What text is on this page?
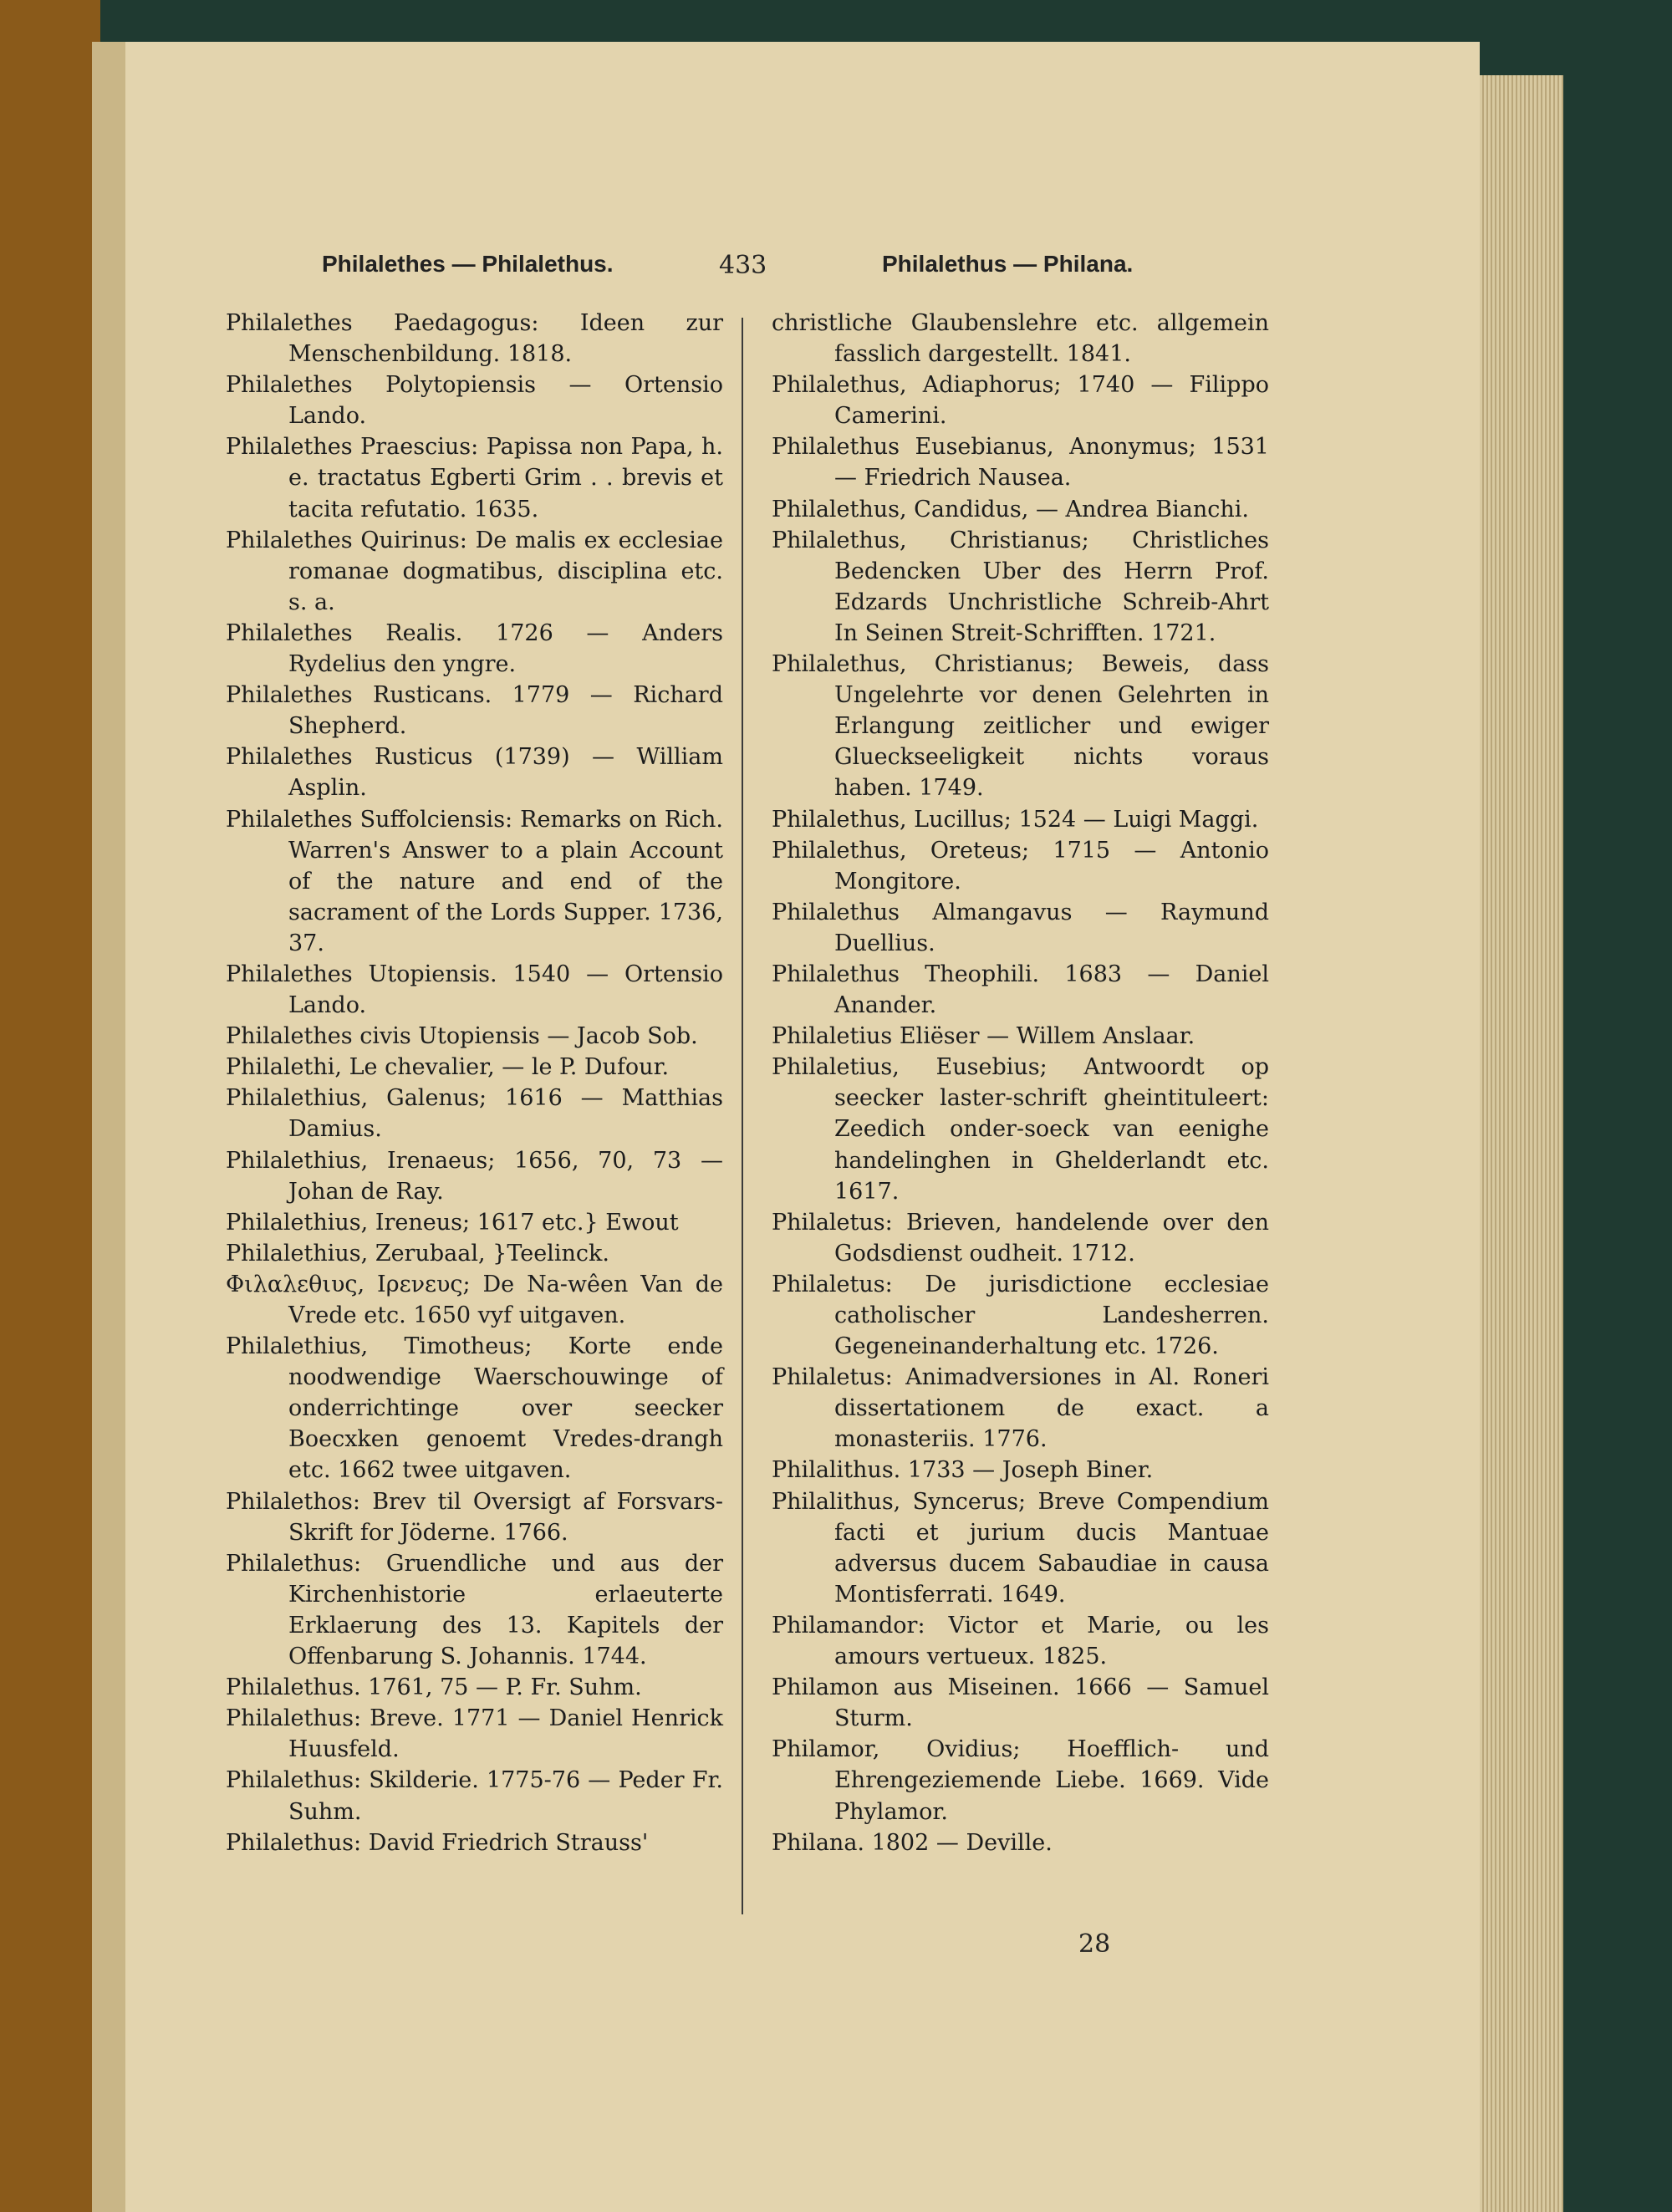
Philalethes — Philalethus.	433	Philalethus — Philana.

Philalethes Paedagogus: Ideen zur Menschenbildung. 1818.

Philalethes Polytopiensis — Ortensio Lando.

Philalethes Praescius: Papissa non Papa, h. e. tractatus Egberti Grim . . brevis et tacita refutatio. 1635.

Philalethes Quirinus: De malis ex ecclesiae romanae dogmatibus, disciplina etc. s. a.

Philalethes Realis. 1726 — Anders Rydelius den yngre.

Philalethes Rusticans. 1779 — Richard Shepherd.

Philalethes Rusticus (1739) — William Asplin.

Philalethes Suffolciensis: Remarks on Rich. Warren's Answer to a plain Account of the nature and end of the sacrament of the Lords Supper. 1736, 37.

Philalethes Utopiensis. 1540 — Ortensio Lando.

Philalethes civis Utopiensis — Jacob Sob.

Philalethi, Le chevalier, — le P. Dufour.

Philalethius, Galenus; 1616 — Matthias Damius.

Philalethius, Irenaeus; 1656, 70, 73 — Johan de Ray.

Philalethius, Ireneus; 1617 etc.} Ewout

Philalethius, Zerubaal, }Teelinck.

Φιλαλεθιυς, Ιρενευς; De Na-wêen Van de Vrede etc. 1650 vyf uitgaven.

Philalethius, Timotheus; Korte ende noodwendige Waerschouwinge of onderrichtinge over seecker Boecxken genoemt Vredes-drangh etc. 1662 twee uitgaven.

Philalethos: Brev til Oversigt af Forsvars-Skrift for Jöderne. 1766.

Philalethus: Gruendliche und aus der Kirchenhistorie erlaeuterte Erklaerung des 13. Kapitels der Offenbarung S. Johannis. 1744.

Philalethus. 1761, 75 — P. Fr. Suhm.

Philalethus: Breve. 1771 — Daniel Henrick Huusfeld.

Philalethus: Skilderie. 1775-76 — Peder Fr. Suhm.

Philalethus: David Friedrich Strauss'

christliche Glaubenslehre etc. allgemein fasslich dargestellt. 1841.

Philalethus, Adiaphorus; 1740 — Filippo Camerini.

Philalethus Eusebianus, Anonymus; 1531 — Friedrich Nausea.

Philalethus, Candidus, — Andrea Bianchi.

Philalethus, Christianus; Christliches Bedencken Uber des Herrn Prof. Edzards Unchristliche Schreib-Ahrt In Seinen Streit-Schrifften. 1721.

Philalethus, Christianus; Beweis, dass Ungelehrte vor denen Gelehrten in Erlangung zeitlicher und ewiger Glueckseeligkeit nichts voraus haben. 1749.

Philalethus, Lucillus; 1524 — Luigi Maggi.

Philalethus, Oreteus; 1715 — Antonio Mongitore.

Philalethus Almangavus — Raymund Duellius.

Philalethus Theophili. 1683 — Daniel Anander.

Philaletius Eliëser — Willem Anslaar.

Philaletius, Eusebius; Antwoordt op seecker laster-schrift gheintituleert: Zeedich onder-soeck van eenighe handelinghen in Ghelderlandt etc. 1617.

Philaletus: Brieven, handelende over den Godsdienst oudheit. 1712.

Philaletus: De jurisdictione ecclesiae catholischer Landesherren. Gegeneinanderhaltung etc. 1726.

Philaletus: Animadversiones in Al. Roneri dissertationem de exact. a monasteriis. 1776.

Philalithus. 1733 — Joseph Biner.

Philalithus, Syncerus; Breve Compendium facti et jurium ducis Mantuae adversus ducem Sabaudiae in causa Montisferrati. 1649.

Philamandor: Victor et Marie, ou les amours vertueux. 1825.

Philamon aus Miseinen. 1666 — Samuel Sturm.

Philamor, Ovidius; Hoefflich- und Ehrengeziemende Liebe. 1669. Vide Phylamor.

Philana. 1802 — Deville.

28
